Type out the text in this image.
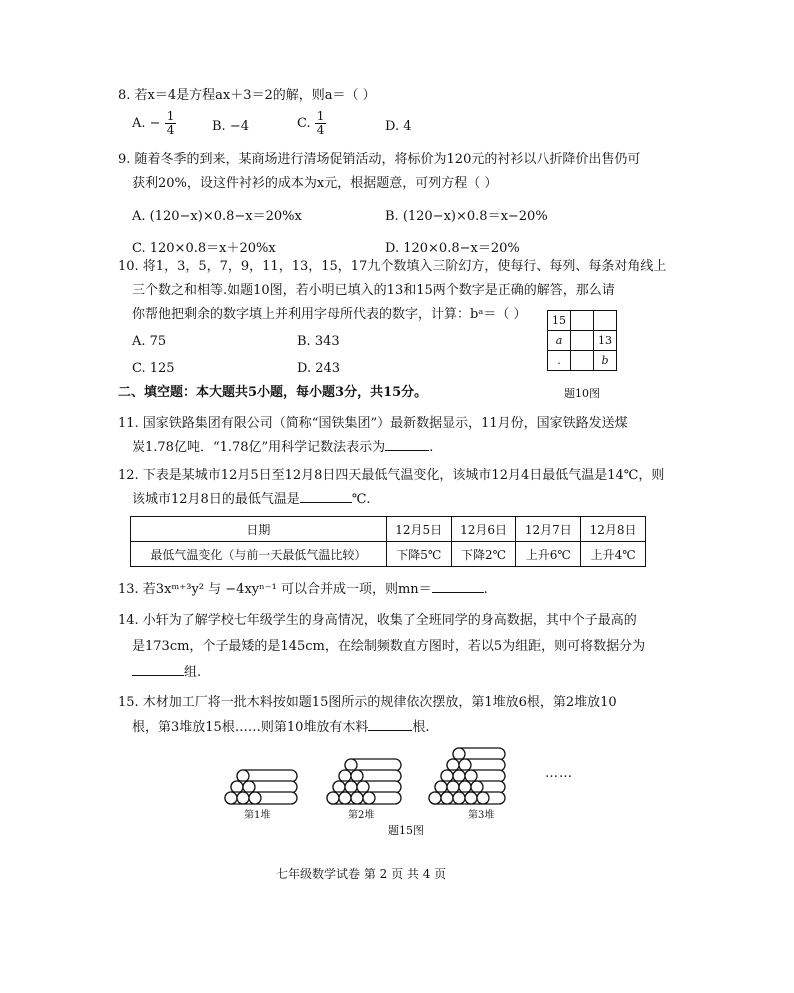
8. 若x＝4是方程ax＋3＝2的解，则a＝（ ）
A. − $\frac{1}{4}$	B. −4	C. $\frac{1}{4}$	D. 4
9. 随着冬季的到来，某商场进行清场促销活动，将标价为120元的衬衫以八折降价出售仍可
获利20%，设这件衬衫的成本为x元，根据题意，可列方程（ ）
A. (120−x)×0.8−x＝20%x	B. (120−x)×0.8＝x−20%
C. 120×0.8＝x＋20%x	D. 120×0.8−x＝20%
10. 将1，3，5，7，9，11，13，15，17九个数填入三阶幻方，使每行、每列、每条对角线上
三个数之和相等.如题10图，若小明已填入的13和15两个数字是正确的解答，那么请
你帮他把剩余的数字填上并利用字母所代表的数字，计算：bᵃ＝（ ）
A. 75	B. 343
C. 125	D. 243
15		
a		13
.		b
题10图
二、填空题：本大题共5小题，每小题3分，共15分。
11. 国家铁路集团有限公司（简称“国铁集团”）最新数据显示，11月份，国家铁路发送煤
炭1.78亿吨．“1.78亿”用科学记数法表示为	.
12. 下表是某城市12月5日至12月8日四天最低气温变化，该城市12月4日最低气温是14℃，则
该城市12月8日的最低气温是	℃.
日期	12月5日	12月6日	12月7日	12月8日
最低气温变化（与前一天最低气温比较）	下降5℃	下降2℃	上升6℃	上升4℃
13. 若3xᵐ⁺³y² 与 −4xyⁿ⁻¹ 可以合并成一项，则mn＝	.
14. 小轩为了解学校七年级学生的身高情况，收集了全班同学的身高数据，其中个子最高的
是173cm，个子最矮的是145cm，在绘制频数直方图时，若以5为组距，则可将数据分为
组.
15. 木材加工厂将一批木料按如题15图所示的规律依次摆放，第1堆放6根，第2堆放10
根，第3堆放15根……则第10堆放有木料	根.
……
第1堆	第2堆	第3堆
题15图
七年级数学试卷 第 2 页 共 4 页
